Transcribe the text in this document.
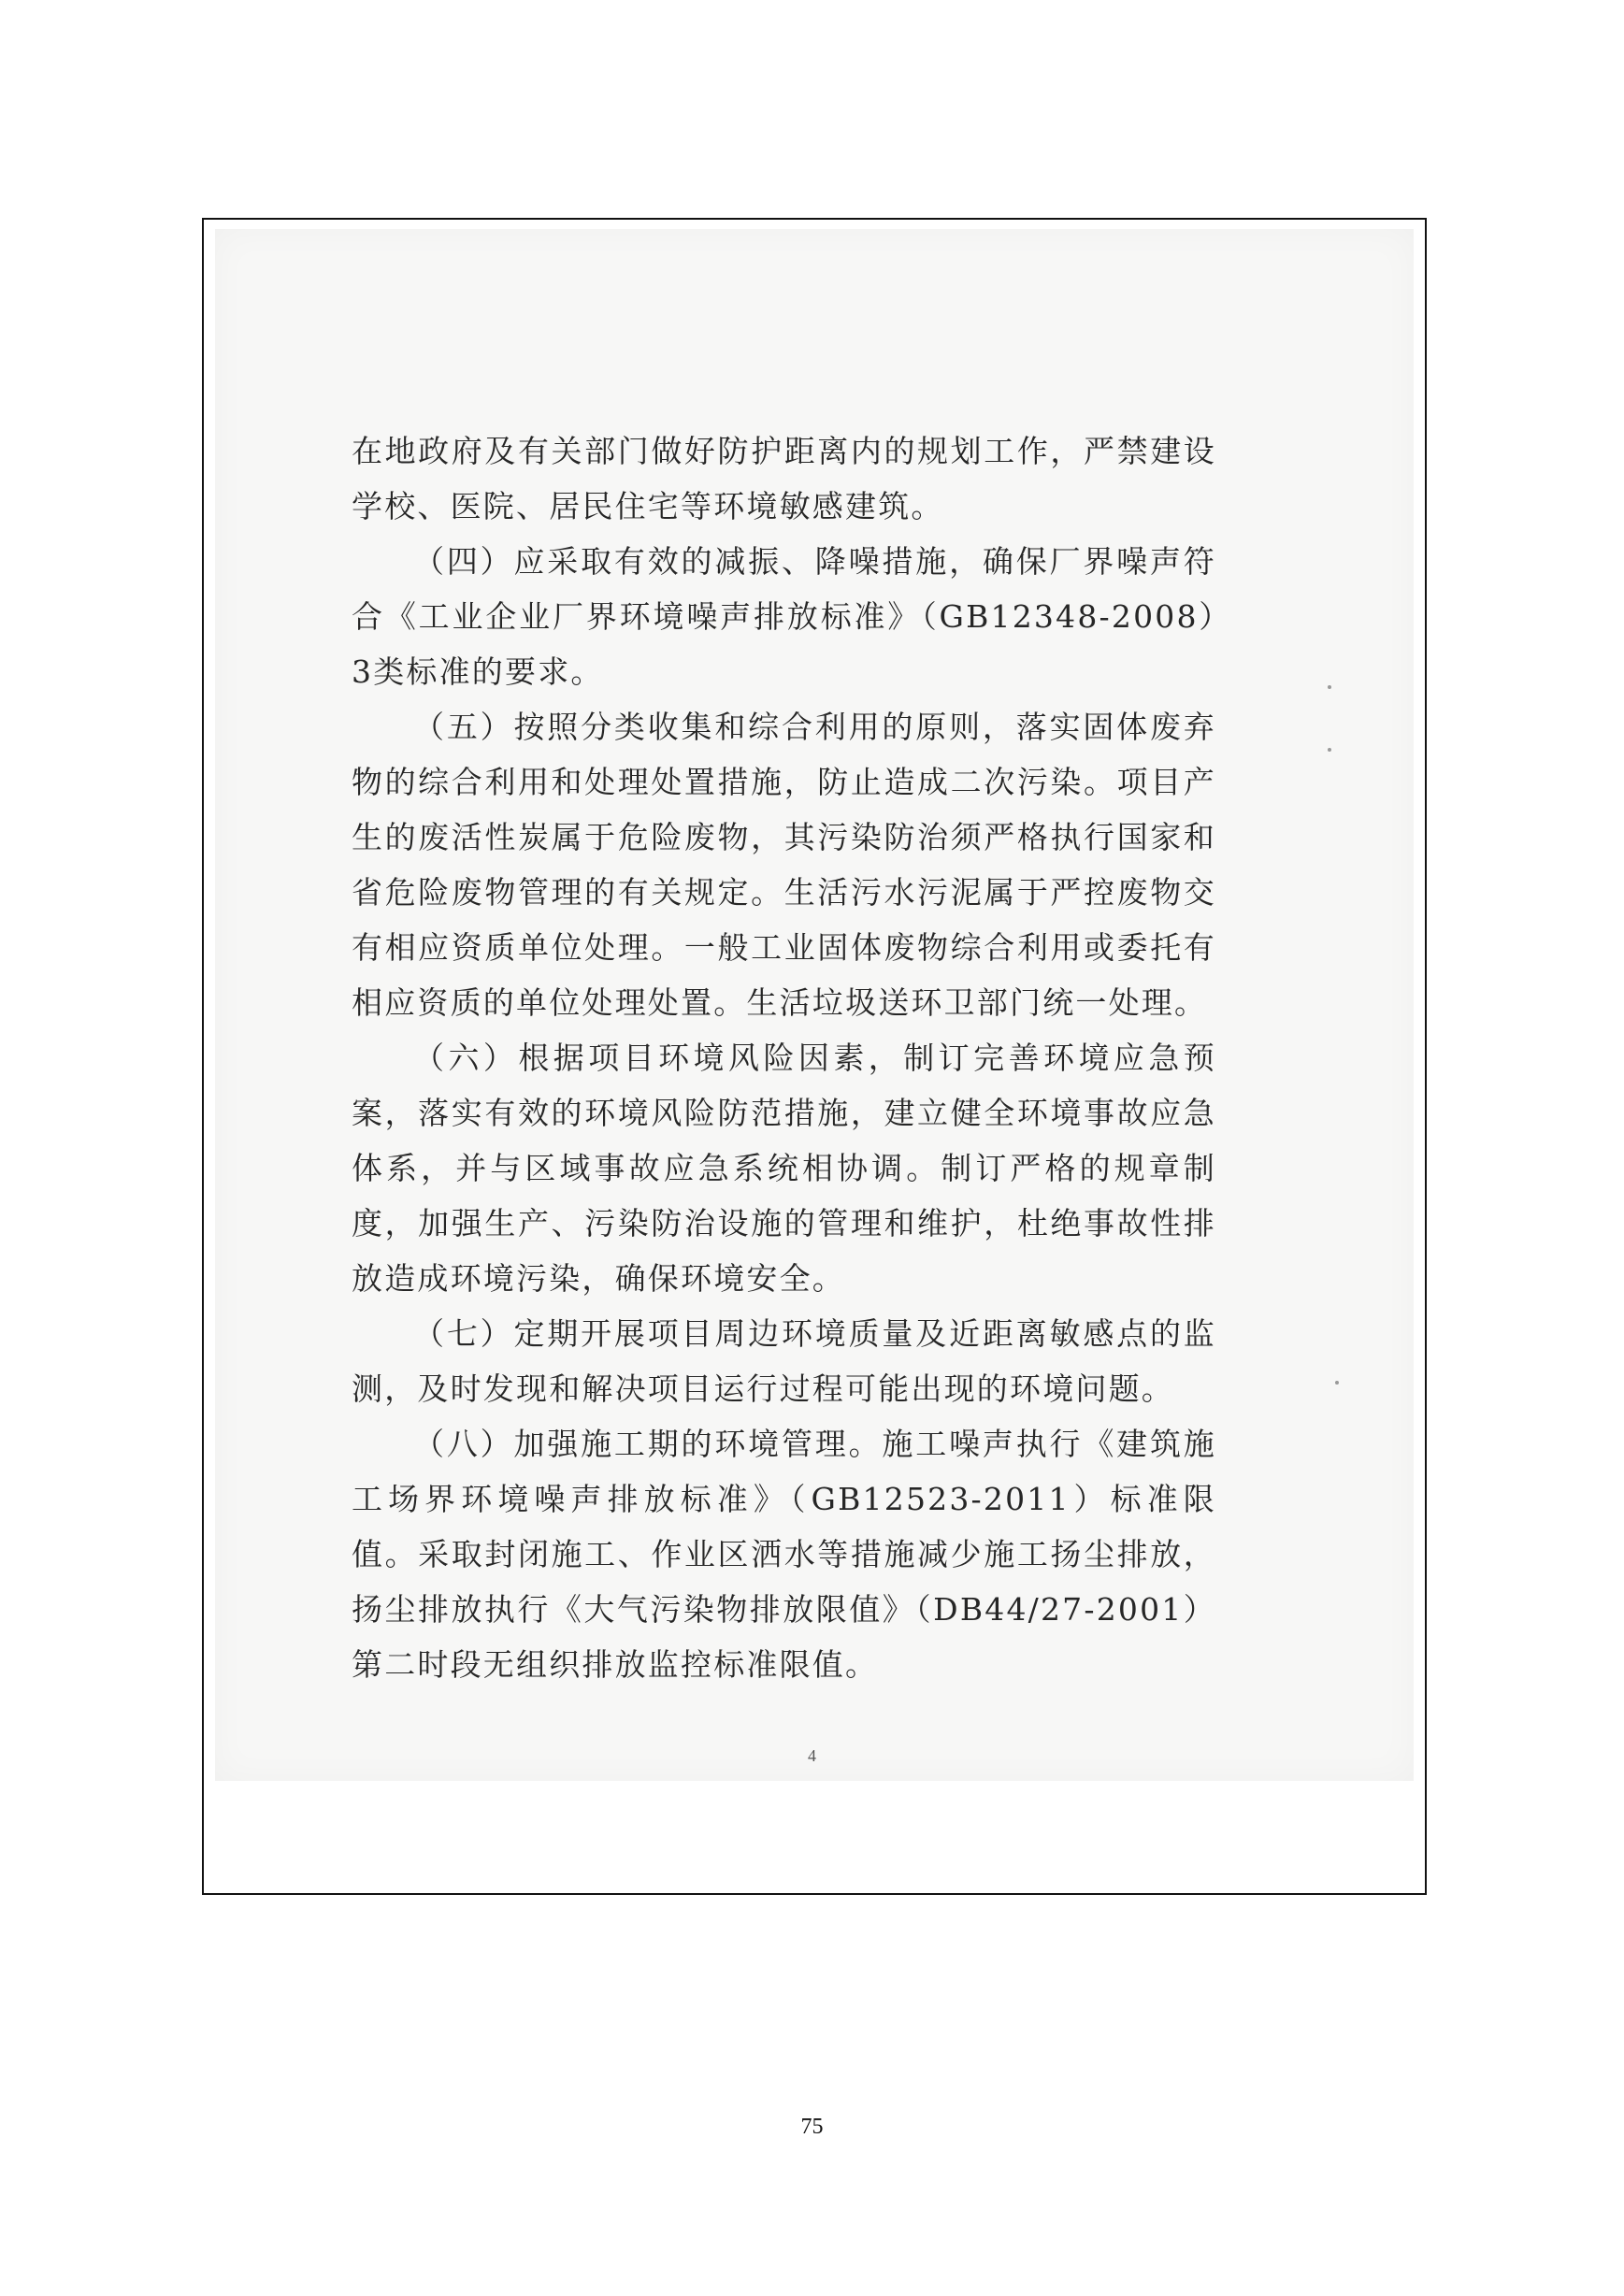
在地政府及有关部门做好防护距离内的规划工作，严禁建设学校、医院、居民住宅等环境敏感建筑。

（四）应采取有效的减振、降噪措施，确保厂界噪声符合《工业企业厂界环境噪声排放标准》（GB12348-2008）3类标准的要求。

（五）按照分类收集和综合利用的原则，落实固体废弃物的综合利用和处理处置措施，防止造成二次污染。项目产生的废活性炭属于危险废物，其污染防治须严格执行国家和省危险废物管理的有关规定。生活污水污泥属于严控废物交有相应资质单位处理。一般工业固体废物综合利用或委托有相应资质的单位处理处置。生活垃圾送环卫部门统一处理。

（六）根据项目环境风险因素，制订完善环境应急预案，落实有效的环境风险防范措施，建立健全环境事故应急体系，并与区域事故应急系统相协调。制订严格的规章制度，加强生产、污染防治设施的管理和维护，杜绝事故性排放造成环境污染，确保环境安全。

（七）定期开展项目周边环境质量及近距离敏感点的监测，及时发现和解决项目运行过程可能出现的环境问题。

（八）加强施工期的环境管理。施工噪声执行《建筑施工场界环境噪声排放标准》（GB12523-2011）标准限值。采取封闭施工、作业区洒水等措施减少施工扬尘排放，扬尘排放执行《大气污染物排放限值》（DB44/27-2001）第二时段无组织排放监控标准限值。

4
75
